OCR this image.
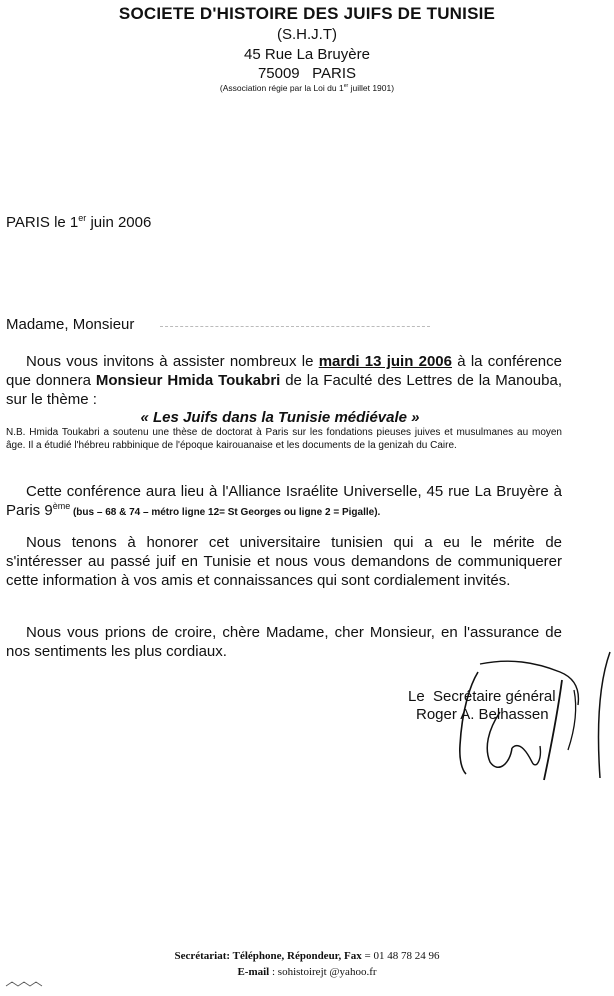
SOCIETE D'HISTOIRE DES JUIFS DE TUNISIE
(S.H.J.T)
45 Rue La Bruyère
75009   PARIS
(Association régie par la Loi du 1er juillet 1901)
PARIS le 1er juin 2006
Madame, Monsieur
Nous vous invitons à assister nombreux le mardi 13 juin 2006 à la conférence que donnera Monsieur Hmida Toukabri de la Faculté des Lettres de la Manouba, sur le thème :
« Les Juifs dans la Tunisie médiévale »
N.B. Hmida Toukabri a soutenu une thèse de doctorat à Paris sur les fondations pieuses juives et musulmanes au moyen âge. Il a étudié l'hébreu rabbinique de l'époque kairouanaise et les documents de la genizah du Caire.
Cette conférence aura lieu à l'Alliance Israélite Universelle, 45 rue La Bruyère à Paris 9ème (bus – 68 & 74 – métro ligne 12= St Georges ou ligne 2 = Pigalle).
Nous tenons à honorer cet universitaire tunisien qui a eu le mérite de s'intéresser au passé juif en Tunisie et nous vous demandons de communiquerer cette information à vos amis et connaissances qui sont cordialement invités.
Nous vous prions de croire, chère Madame, cher Monsieur, en l'assurance de nos sentiments les plus cordiaux.
Le  Secrétaire général
Roger A. Belhassen
Secrétariat: Téléphone, Répondeur, Fax = 01 48 78 24 96
E-mail : sohistoirejt @yahoo.fr
